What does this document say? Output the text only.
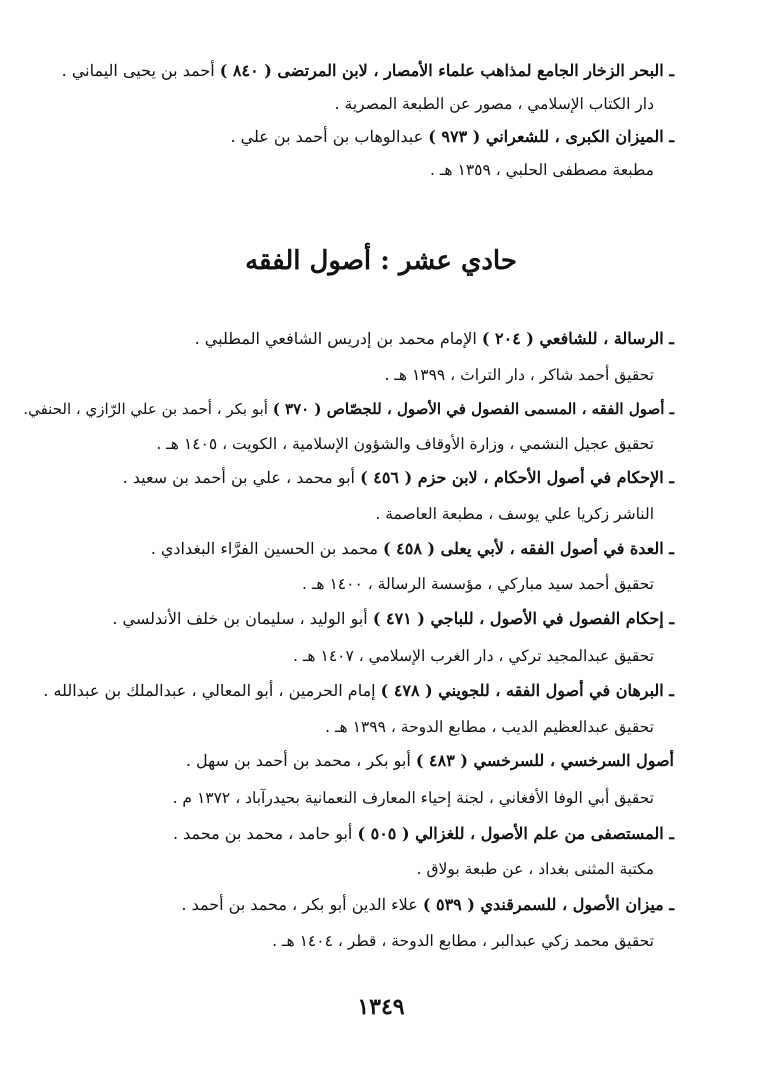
ـ البحر الزخار الجامع لمذاهب علماء الأمصار ، لابن المرتضى ( ٨٤٠ ) أحمد بن يحيى اليماني .
دار الكتاب الإسلامي ، مصور عن الطبعة المصرية .
ـ الميزان الكبرى ، للشعراني ( ٩٧٣ ) عبدالوهاب بن أحمد بن علي .
مطبعة مصطفى الحلبي ، ١٣٥٩ هـ .
حادي عشر : أصول الفقه
ـ الرسالة ، للشافعي ( ٢٠٤ ) الإمام محمد بن إدريس الشافعي المطلبي .
تحقيق أحمد شاكر ، دار التراث ، ١٣٩٩ هـ .
ـ أصول الفقه ، المسمى الفصول في الأصول ، للجصّاص ( ٣٧٠ ) أبو بكر ، أحمد بن علي الرّازي ، الحنفي.
تحقيق عجيل النشمي ، وزارة الأوقاف والشؤون الإسلامية ، الكويت ، ١٤٠٥ هـ .
ـ الإحكام في أصول الأحكام ، لابن حزم ( ٤٥٦ ) أبو محمد ، علي بن أحمد بن سعيد .
الناشر زكريا علي يوسف ، مطبعة العاصمة .
ـ العدة في أصول الفقه ، لأبي يعلى ( ٤٥٨ ) محمد بن الحسين الفرَّاء البغدادي .
تحقيق أحمد سيد مباركي ، مؤسسة الرسالة ، ١٤٠٠ هـ .
ـ إحكام الفصول في الأصول ، للباجي ( ٤٧١ ) أبو الوليد ، سليمان بن خلف الأندلسي .
تحقيق عبدالمجيد تركي ، دار الغرب الإسلامي ، ١٤٠٧ هـ .
ـ البرهان في أصول الفقه ، للجويني ( ٤٧٨ ) إمام الحرمين ، أبو المعالي ، عبدالملك بن عبدالله .
تحقيق عبدالعظيم الديب ، مطابع الدوحة ، ١٣٩٩ هـ .
أصول السرخسي ، للسرخسي ( ٤٨٣ ) أبو بكر ، محمد بن أحمد بن سهل .
تحقيق أبي الوفا الأفغاني ، لجنة إحياء المعارف النعمانية بحيدرآباد ، ١٣٧٢ م .
ـ المستصفى من علم الأصول ، للغزالي ( ٥٠٥ ) أبو حامد ، محمد بن محمد .
مكتبة المثنى بغداد ، عن طبعة بولاق .
ـ ميزان الأصول ، للسمرقندي ( ٥٣٩ ) علاء الدين أبو بكر ، محمد بن أحمد .
تحقيق محمد زكي عبدالبر ، مطابع الدوحة ، قطر ، ١٤٠٤ هـ .
١٣٤٩
